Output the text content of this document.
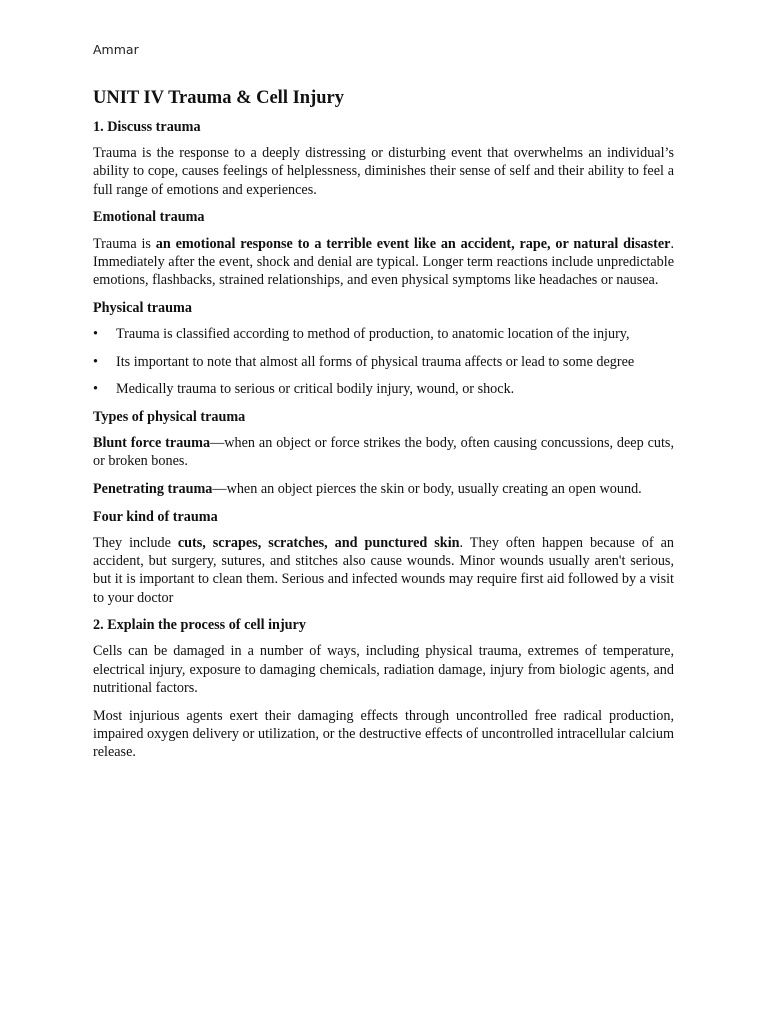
Ammar
UNIT IV Trauma & Cell Injury
1. Discuss trauma

Trauma is the response to a deeply distressing or disturbing event that overwhelms an individual’s ability to cope, causes feelings of helplessness, diminishes their sense of self and their ability to feel a full range of emotions and experiences.

Emotional trauma

Trauma is an emotional response to a terrible event like an accident, rape, or natural disaster. Immediately after the event, shock and denial are typical. Longer term reactions include unpredictable emotions, flashbacks, strained relationships, and even physical symptoms like headaches or nausea.

Physical trauma
• Trauma is classified according to method of production, to anatomic location of the injury,
• Its important to note that almost all forms of physical trauma affects or lead to some degree
• Medically trauma to serious or critical bodily injury, wound, or shock.
Types of physical trauma

Blunt force trauma—when an object or force strikes the body, often causing concussions, deep cuts, or broken bones.

Penetrating trauma—when an object pierces the skin or body, usually creating an open wound.

Four kind of trauma

They include cuts, scrapes, scratches, and punctured skin. They often happen because of an accident, but surgery, sutures, and stitches also cause wounds. Minor wounds usually aren't serious, but it is important to clean them. Serious and infected wounds may require first aid followed by a visit to your doctor

2. Explain the process of cell injury

Cells can be damaged in a number of ways, including physical trauma, extremes of temperature, electrical injury, exposure to damaging chemicals, radiation damage, injury from biologic agents, and nutritional factors.

Most injurious agents exert their damaging effects through uncontrolled free radical production, impaired oxygen delivery or utilization, or the destructive effects of uncontrolled intracellular calcium release.
